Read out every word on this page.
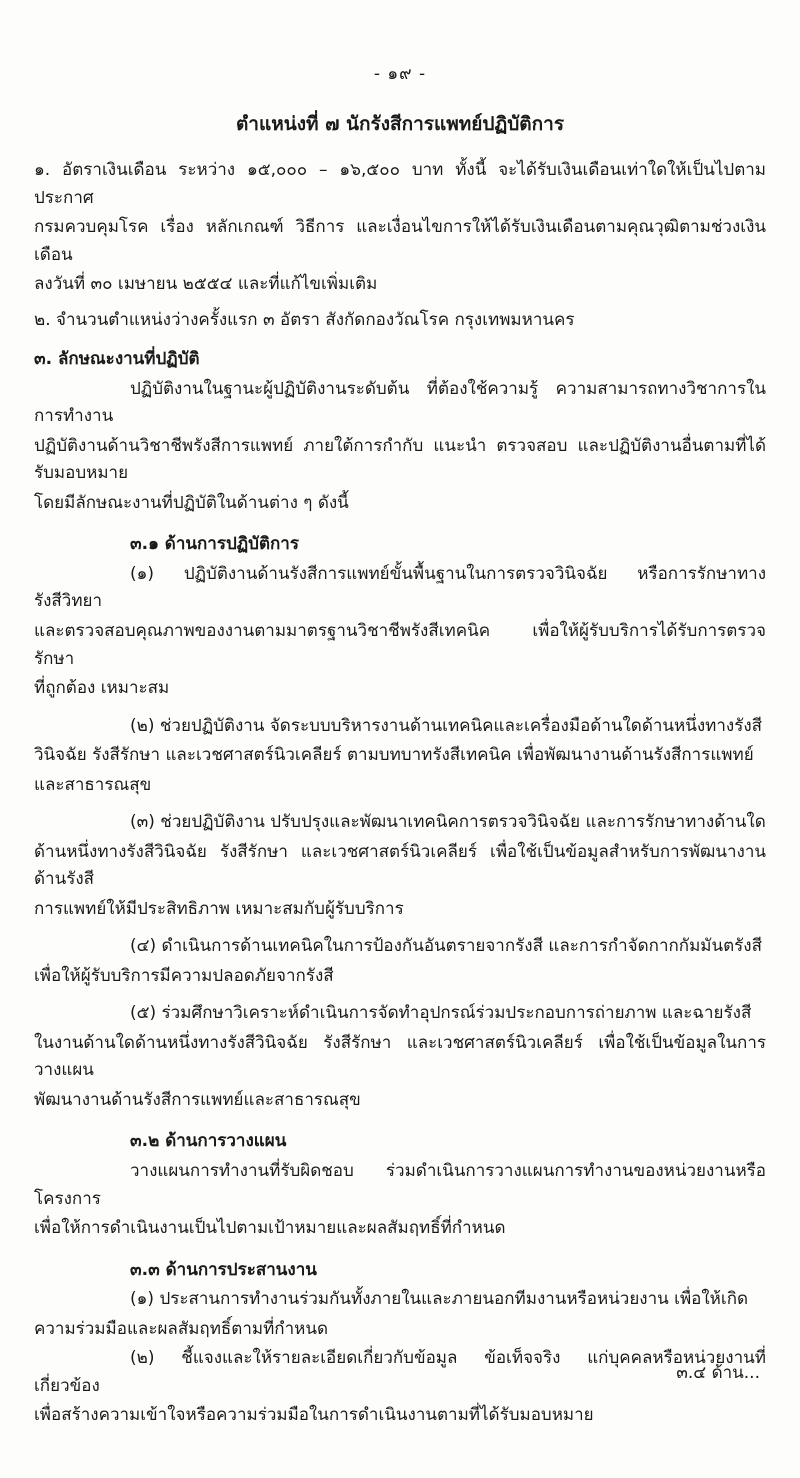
- ๑๙ -
ตำแหน่งที่ ๗ นักรังสีการแพทย์ปฏิบัติการ

๑. อัตราเงินเดือน ระหว่าง ๑๕,๐๐๐ – ๑๖,๕๐๐ บาท ทั้งนี้ จะได้รับเงินเดือนเท่าใดให้เป็นไปตามประกาศ

กรมควบคุมโรค เรื่อง หลักเกณฑ์ วิธีการ และเงื่อนไขการให้ได้รับเงินเดือนตามคุณวุฒิตามช่วงเงินเดือน

ลงวันที่ ๓๐ เมษายน ๒๕๕๔ และที่แก้ไขเพิ่มเติม

๒. จำนวนตำแหน่งว่างครั้งแรก ๓ อัตรา สังกัดกองวัณโรค กรุงเทพมหานคร

๓. ลักษณะงานที่ปฏิบัติ

ปฏิบัติงานในฐานะผู้ปฏิบัติงานระดับต้น ที่ต้องใช้ความรู้ ความสามารถทางวิชาการในการทำงาน

ปฏิบัติงานด้านวิชาชีพรังสีการแพทย์ ภายใต้การกำกับ แนะนำ ตรวจสอบ และปฏิบัติงานอื่นตามที่ได้รับมอบหมาย

โดยมีลักษณะงานที่ปฏิบัติในด้านต่าง ๆ ดังนี้

๓.๑ ด้านการปฏิบัติการ

(๑) ปฏิบัติงานด้านรังสีการแพทย์ขั้นพื้นฐานในการตรวจวินิจฉัย หรือการรักษาทางรังสีวิทยา

และตรวจสอบคุณภาพของงานตามมาตรฐานวิชาชีพรังสีเทคนิค เพื่อให้ผู้รับบริการได้รับการตรวจรักษา

ที่ถูกต้อง เหมาะสม

(๒) ช่วยปฏิบัติงาน จัดระบบบริหารงานด้านเทคนิคและเครื่องมือด้านใดด้านหนึ่งทางรังสี

วินิจฉัย รังสีรักษา และเวชศาสตร์นิวเคลียร์ ตามบทบาทรังสีเทคนิค เพื่อพัฒนางานด้านรังสีการแพทย์

และสาธารณสุข

(๓) ช่วยปฏิบัติงาน ปรับปรุงและพัฒนาเทคนิคการตรวจวินิจฉัย และการรักษาทางด้านใด

ด้านหนึ่งทางรังสีวินิจฉัย รังสีรักษา และเวชศาสตร์นิวเคลียร์ เพื่อใช้เป็นข้อมูลสำหรับการพัฒนางานด้านรังสี

การแพทย์ให้มีประสิทธิภาพ เหมาะสมกับผู้รับบริการ

(๔) ดำเนินการด้านเทคนิคในการป้องกันอันตรายจากรังสี และการกำจัดกากกัมมันตรังสี

เพื่อให้ผู้รับบริการมีความปลอดภัยจากรังสี

(๕) ร่วมศึกษาวิเคราะห์ดำเนินการจัดทำอุปกรณ์ร่วมประกอบการถ่ายภาพ และฉายรังสี

ในงานด้านใดด้านหนึ่งทางรังสีวินิจฉัย รังสีรักษา และเวชศาสตร์นิวเคลียร์ เพื่อใช้เป็นข้อมูลในการวางแผน

พัฒนางานด้านรังสีการแพทย์และสาธารณสุข

๓.๒ ด้านการวางแผน

วางแผนการทำงานที่รับผิดชอบ ร่วมดำเนินการวางแผนการทำงานของหน่วยงานหรือโครงการ

เพื่อให้การดำเนินงานเป็นไปตามเป้าหมายและผลสัมฤทธิ์ที่กำหนด

๓.๓ ด้านการประสานงาน

(๑) ประสานการทำงานร่วมกันทั้งภายในและภายนอกทีมงานหรือหน่วยงาน เพื่อให้เกิด

ความร่วมมือและผลสัมฤทธิ์ตามที่กำหนด

(๒) ชี้แจงและให้รายละเอียดเกี่ยวกับข้อมูล ข้อเท็จจริง แก่บุคคลหรือหน่วยงานที่เกี่ยวข้อง

เพื่อสร้างความเข้าใจหรือความร่วมมือในการดำเนินงานตามที่ได้รับมอบหมาย

๓.๔ ด้าน...
